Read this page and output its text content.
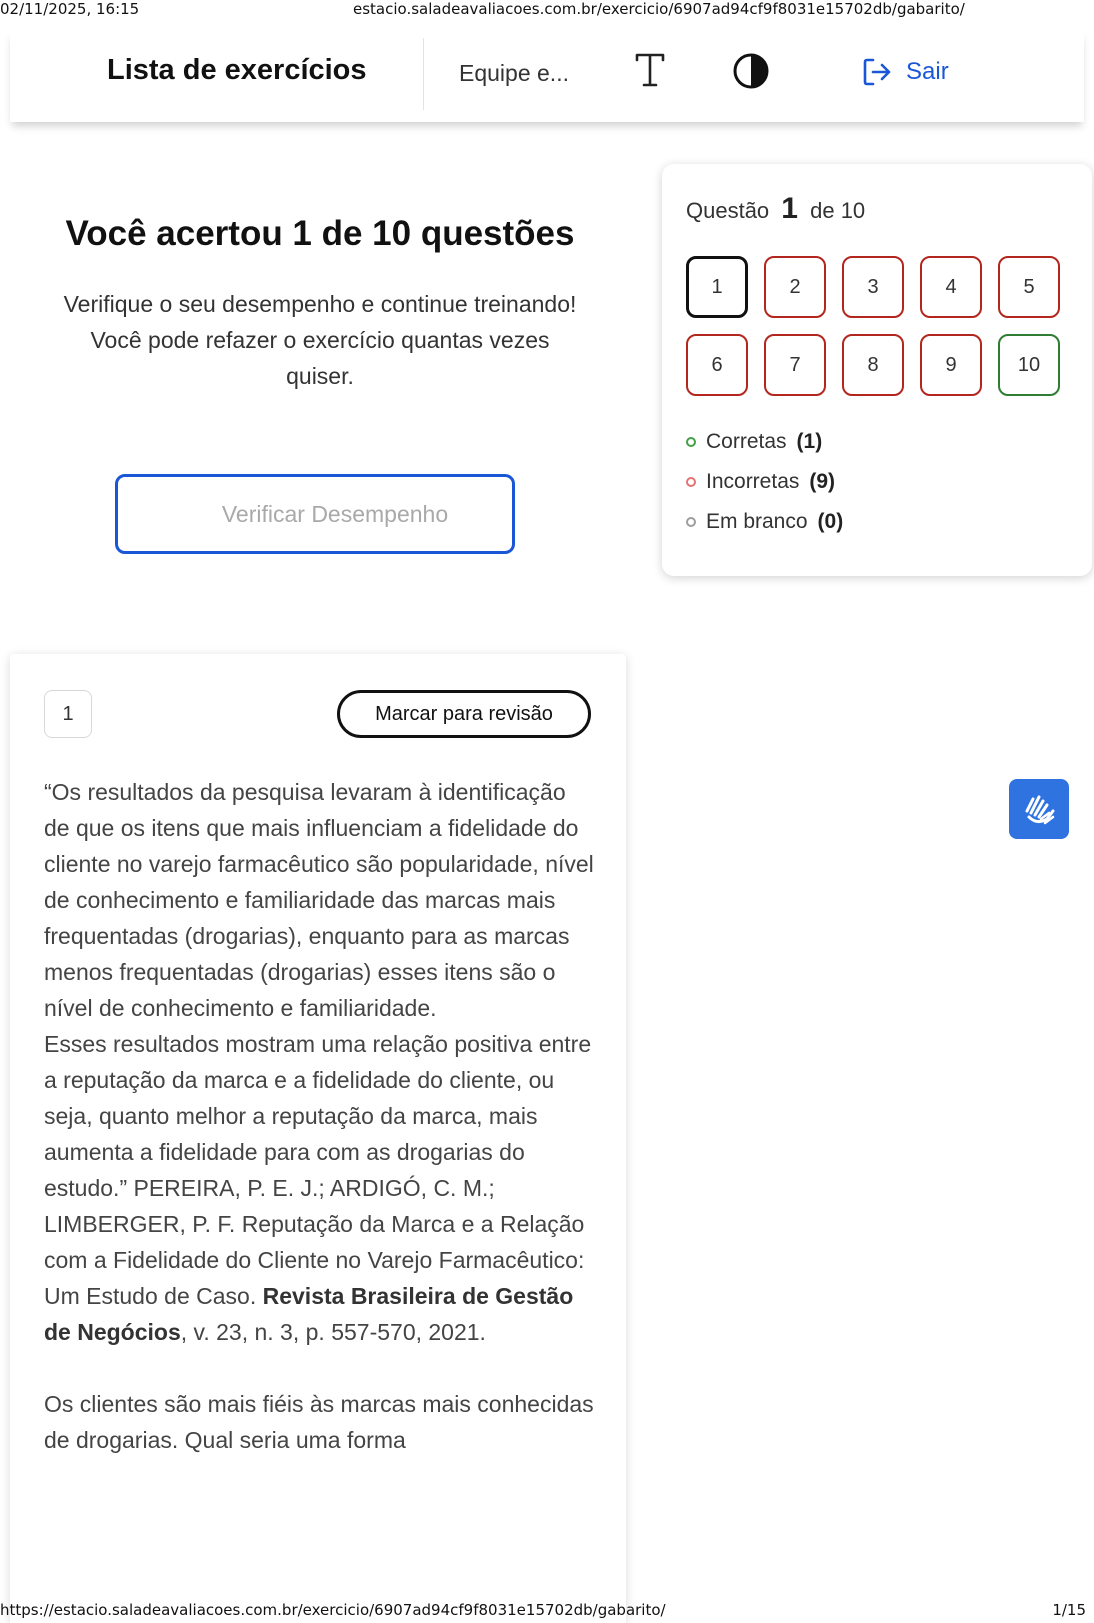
02/11/2025, 16:15	estacio.saladeavaliacoes.com.br/exercicio/6907ad94cf9f8031e15702db/gabarito/
Lista de exercícios	Equipe e...	Sair
Você acertou 1 de 10 questões
Verifique o seu desempenho e continue treinando! Você pode refazer o exercício quantas vezes quiser.
Verificar Desempenho
Questão 1 de 10
1	2	3	4	5
6	7	8	9	10
Corretas (1)
Incorretas (9)
Em branco (0)
1	Marcar para revisão

“Os resultados da pesquisa levaram à identificação de que os itens que mais influenciam a fidelidade do cliente no varejo farmacêutico são popularidade, nível de conhecimento e familiaridade das marcas mais frequentadas (drogarias), enquanto para as marcas menos frequentadas (drogarias) esses itens são o nível de conhecimento e familiaridade.

Esses resultados mostram uma relação positiva entre a reputação da marca e a fidelidade do cliente, ou seja, quanto melhor a reputação da marca, mais aumenta a fidelidade para com as drogarias do estudo.” PEREIRA, P. E. J.; ARDIGÓ, C. M.; LIMBERGER, P. F. Reputação da Marca e a Relação com a Fidelidade do Cliente no Varejo Farmacêutico: Um Estudo de Caso. Revista Brasileira de Gestão de Negócios, v. 23, n. 3, p. 557-570, 2021.

Os clientes são mais fiéis às marcas mais conhecidas de drogarias. Qual seria uma forma

https://estacio.saladeavaliacoes.com.br/exercicio/6907ad94cf9f8031e15702db/gabarito/	1/15
